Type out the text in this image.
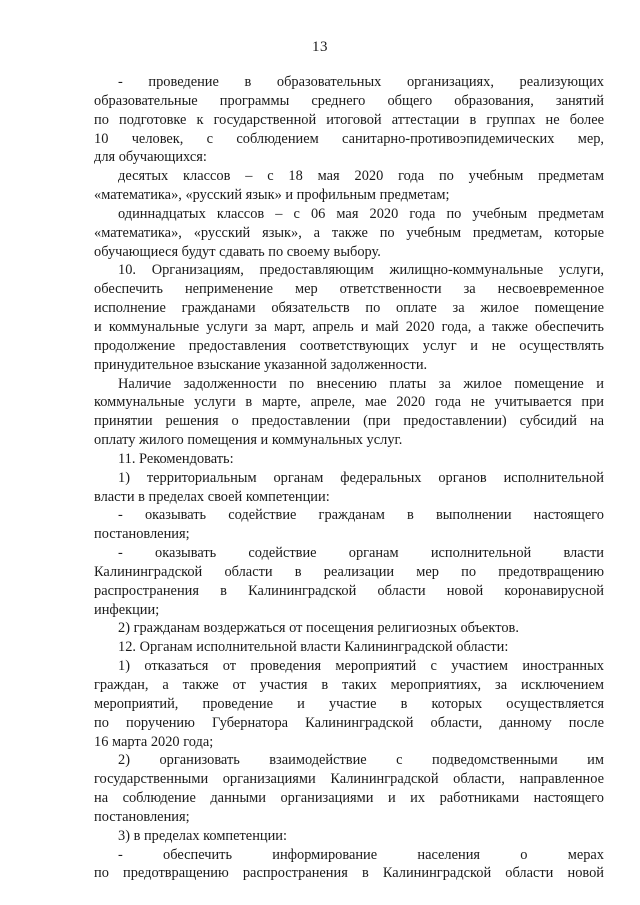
13

- проведение в образовательных организациях, реализующих

образовательные программы среднего общего образования, занятий

по подготовке к государственной итоговой аттестации в группах не более

10 человек, с соблюдением санитарно-противоэпидемических мер,

для обучающихся:

десятых классов – с 18 мая 2020 года по учебным предметам

«математика», «русский язык» и профильным предметам;

одиннадцатых классов – с 06 мая 2020 года по учебным предметам

«математика», «русский язык», а также по учебным предметам, которые

обучающиеся будут сдавать по своему выбору.

10. Организациям, предоставляющим жилищно-коммунальные услуги,

обеспечить неприменение мер ответственности за несвоевременное

исполнение гражданами обязательств по оплате за жилое помещение

и коммунальные услуги за март, апрель и май 2020 года, а также обеспечить

продолжение предоставления соответствующих услуг и не осуществлять

принудительное взыскание указанной задолженности.

Наличие задолженности по внесению платы за жилое помещение и

коммунальные услуги в марте, апреле, мае 2020 года не учитывается при

принятии решения о предоставлении (при предоставлении) субсидий на

оплату жилого помещения и коммунальных услуг.

11. Рекомендовать:

1) территориальным органам федеральных органов исполнительной

власти в пределах своей компетенции:

- оказывать содействие гражданам в выполнении настоящего

постановления;

- оказывать содействие органам исполнительной власти

Калининградской области в реализации мер по предотвращению

распространения в Калининградской области новой коронавирусной

инфекции;

2) гражданам воздержаться от посещения религиозных объектов.

12. Органам исполнительной власти Калининградской области:

1) отказаться от проведения мероприятий с участием иностранных

граждан, а также от участия в таких мероприятиях, за исключением

мероприятий, проведение и участие в которых осуществляется

по поручению Губернатора Калининградской области, данному после

16 марта 2020 года;

2) организовать взаимодействие с подведомственными им

государственными организациями Калининградской области, направленное

на соблюдение данными организациями и их работниками настоящего

постановления;

3) в пределах компетенции:

- обеспечить информирование населения о мерах

по предотвращению распространения в Калининградской области новой
